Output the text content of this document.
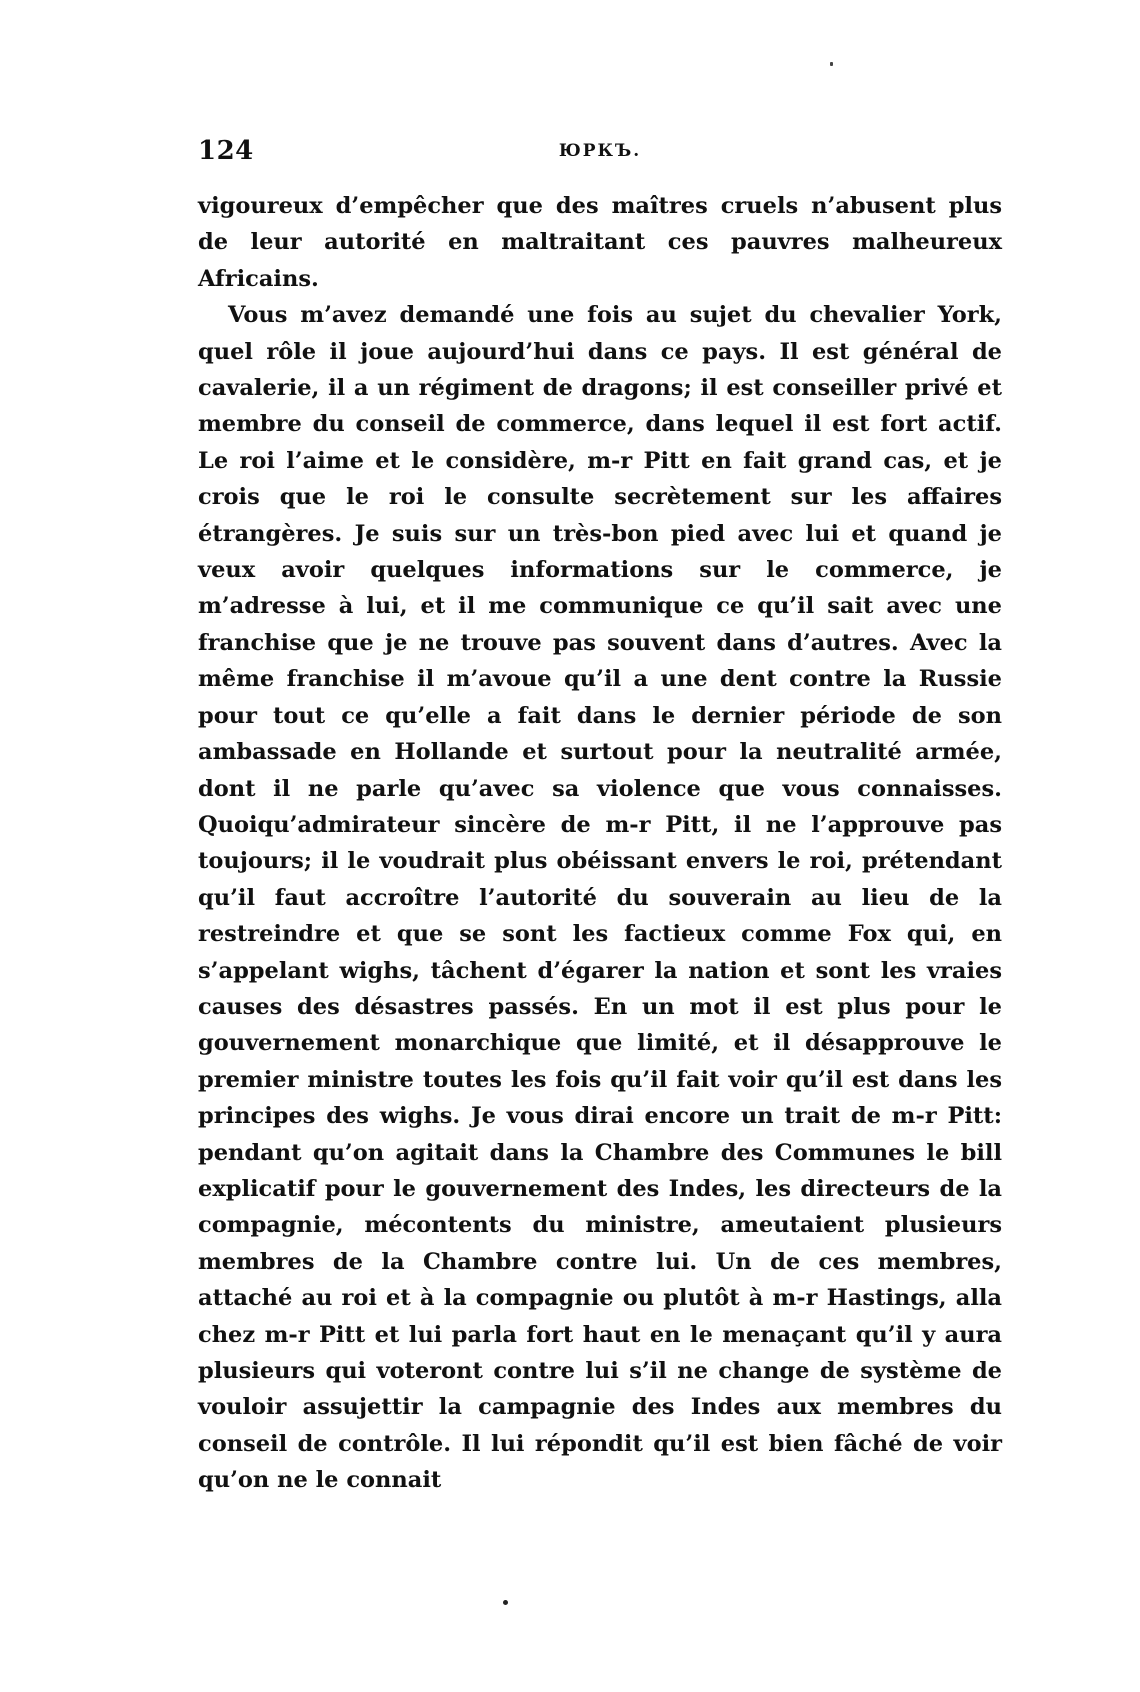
124	ЮРКЪ.

vigoureux d’empêcher que des maîtres cruels n’abusent plus de leur autorité en maltraitant ces pauvres malheureux Africains.

Vous m’avez demandé une fois au sujet du chevalier York, quel rôle il joue aujourd’hui dans ce pays. Il est général de cavalerie, il a un régiment de dragons; il est conseiller privé et membre du conseil de commerce, dans lequel il est fort actif. Le roi l’aime et le considère, m-r Pitt en fait grand cas, et je crois que le roi le consulte secrètement sur les affaires étrangères. Je suis sur un très-bon pied avec lui et quand je veux avoir quelques informations sur le commerce, je m’adresse à lui, et il me communique ce qu’il sait avec une franchise que je ne trouve pas souvent dans d’autres. Avec la même franchise il m’avoue qu’il a une dent contre la Russie pour tout ce qu’elle a fait dans le dernier période de son ambassade en Hollande et surtout pour la neutralité armée, dont il ne parle qu’avec sa violence que vous connaisses. Quoiqu’admirateur sincère de m-r Pitt, il ne l’approuve pas toujours; il le voudrait plus obéissant envers le roi, prétendant qu’il faut accroître l’autorité du souverain au lieu de la restreindre et que se sont les factieux comme Fox qui, en s’appelant wighs, tâchent d’égarer la nation et sont les vraies causes des désastres passés. En un mot il est plus pour le gouvernement monarchique que limité, et il désapprouve le premier ministre toutes les fois qu’il fait voir qu’il est dans les principes des wighs. Je vous dirai encore un trait de m-r Pitt: pendant qu’on agitait dans la Chambre des Communes le bill explicatif pour le gouvernement des Indes, les directeurs de la compagnie, mécontents du ministre, ameutaient plusieurs membres de la Chambre contre lui. Un de ces membres, attaché au roi et à la compagnie ou plutôt à m-r Hastings, alla chez m-r Pitt et lui parla fort haut en le menaçant qu’il y aura plusieurs qui voteront contre lui s’il ne change de système de vouloir assujettir la campagnie des Indes aux membres du conseil de contrôle. Il lui répondit qu’il est bien fâché de voir qu’on ne le connait
